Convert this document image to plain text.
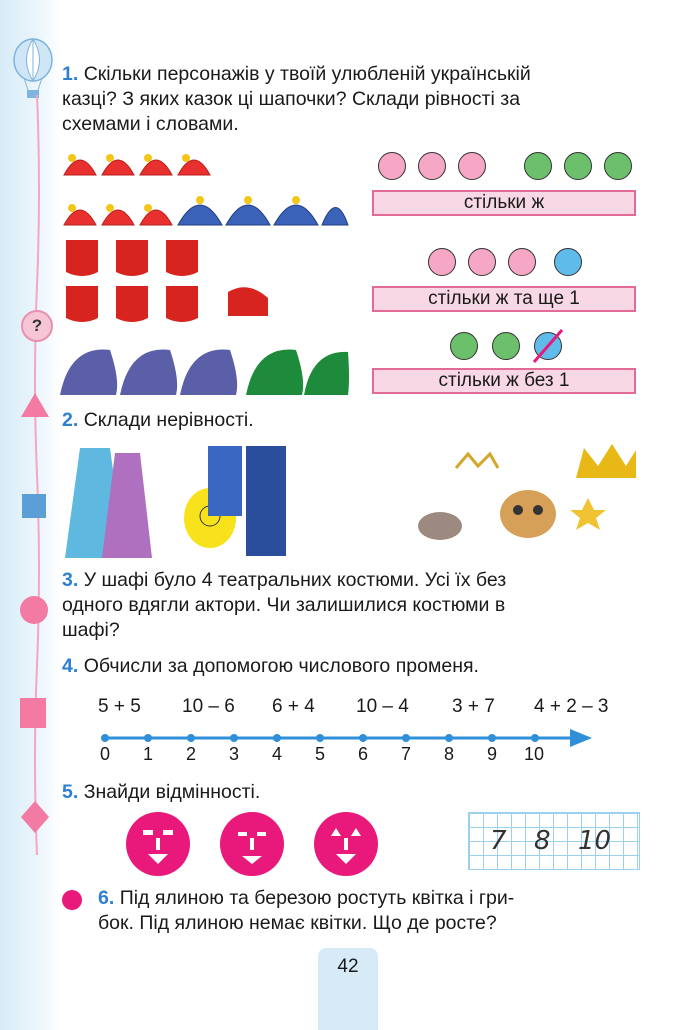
?
1. Скільки персонажів у твоїй улюбленій українській
казці? З яких казок ці шапочки? Склади рівності за
схемами і словами.
стільки ж
стільки ж та ще 1
стільки ж без 1
2. Склади нерівності.
3. У шафі було 4 театральних костюми. Усі їх без
одного вдягли актори. Чи залишилися костюми в
шафі?
4. Обчисли за допомогою числового променя.
5 + 5 10 – 6 6 + 4 10 – 4 3 + 7 4 + 2 – 3
0 1 2 3 4 5 6 7 8 9 10
5. Знайди відмінності.
7 8 10
6. Під ялиною та березою ростуть квітка і гри-
бок. Під ялиною немає квітки. Що де росте?
42
